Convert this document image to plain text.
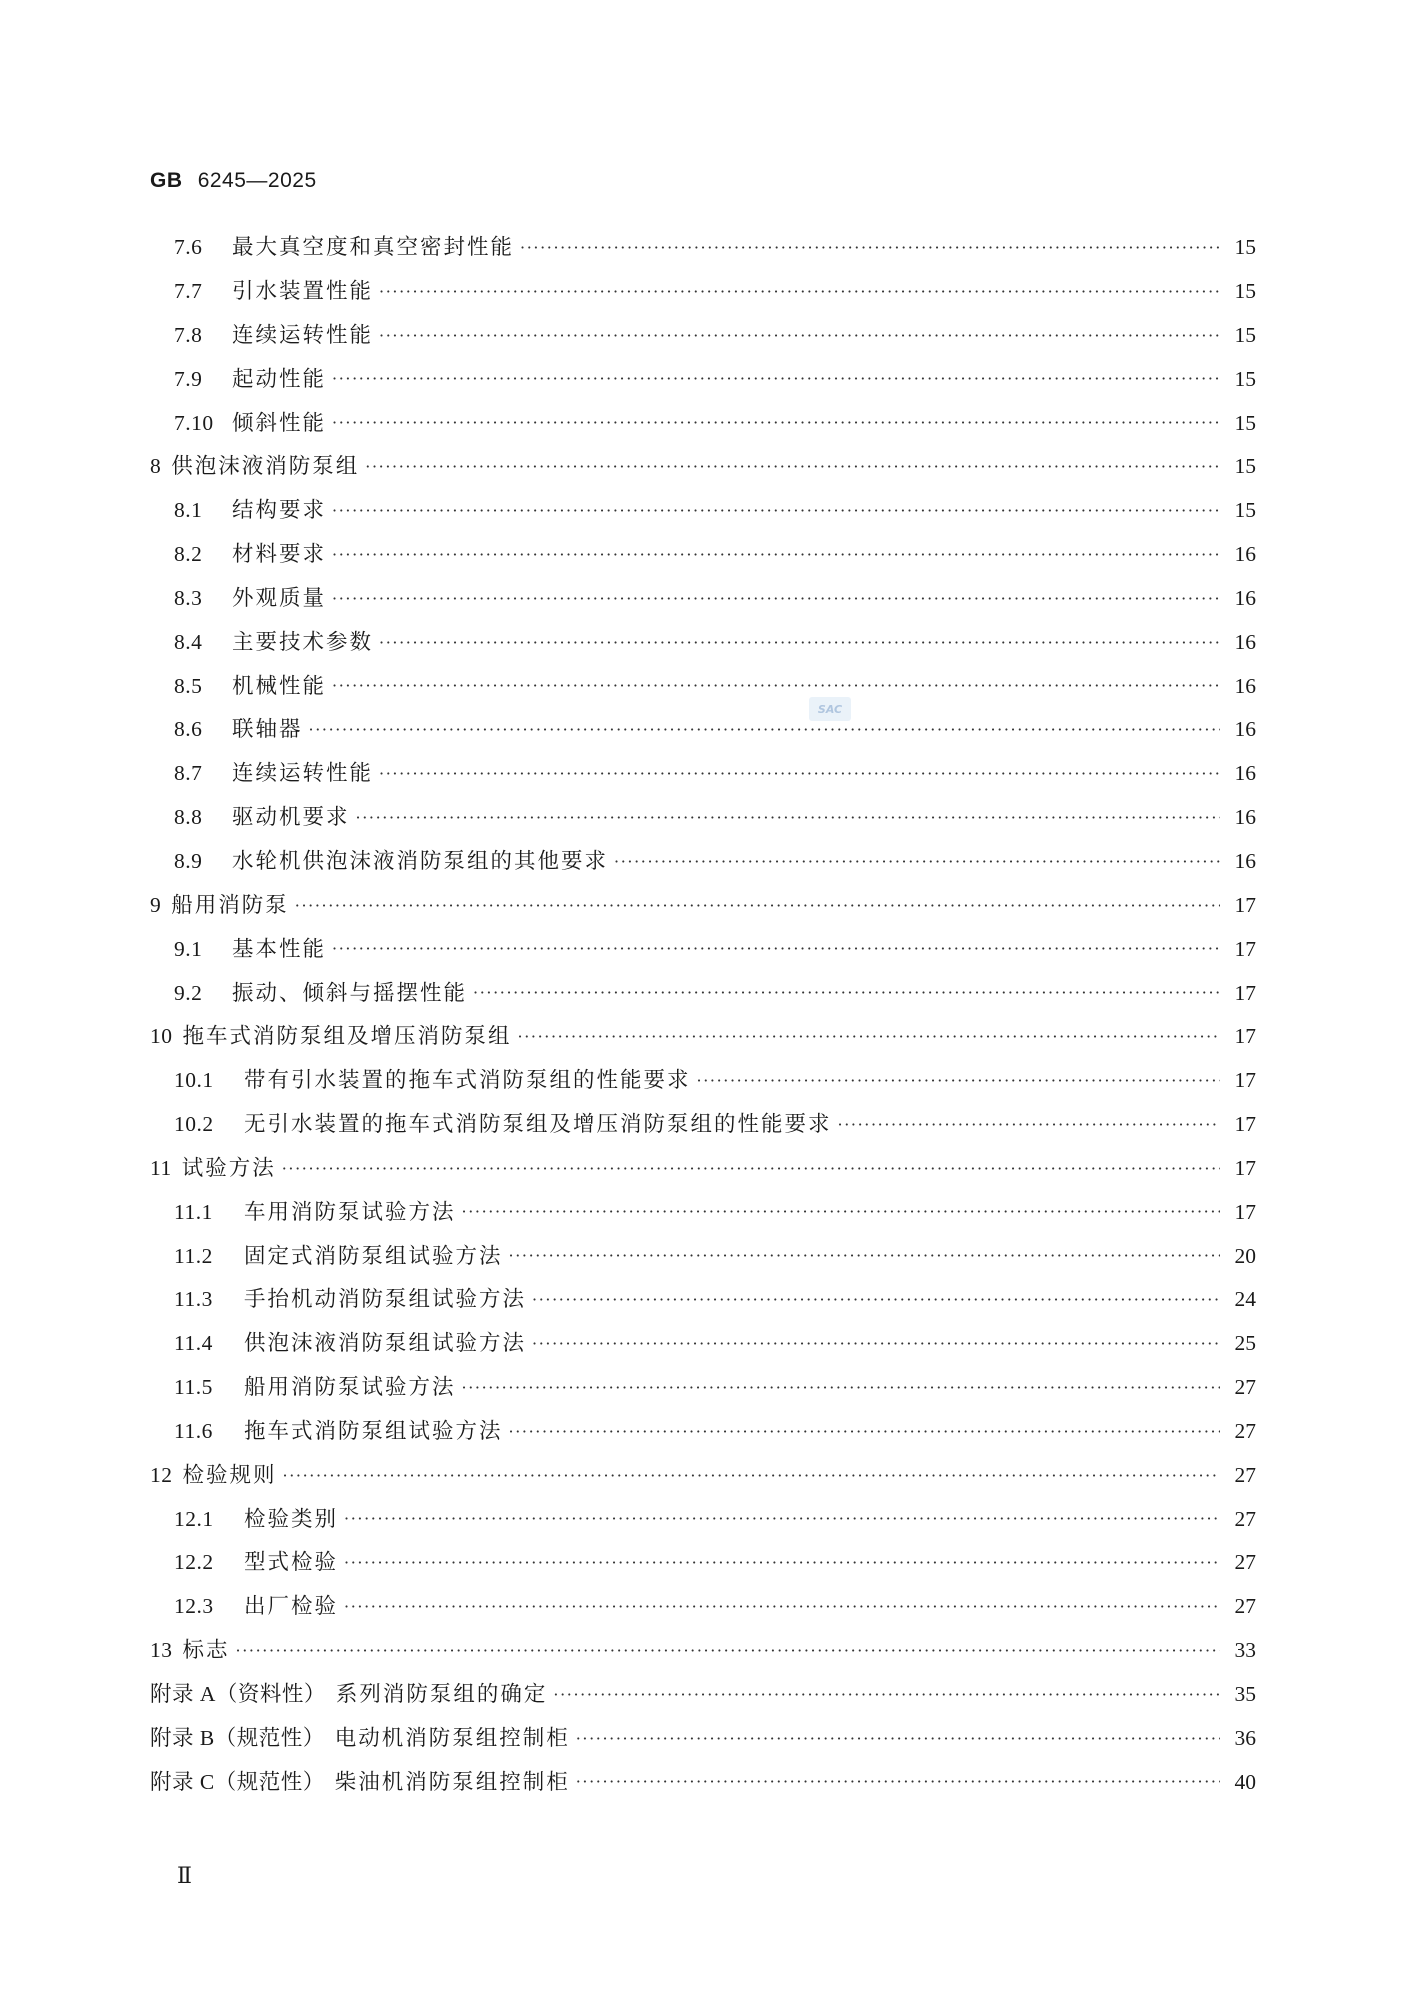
GB 6245—2025
7.6	最大真空度和真空密封性能 ·····	15
7.7	引水装置性能 ·····	15
7.8	连续运转性能 ·····	15
7.9	起动性能 ·····	15
7.10 倾斜性能 ·····	15
8 供泡沫液消防泵组 ·····	15
8.1	结构要求 ·····	15
8.2	材料要求 ·····	16
8.3	外观质量 ·····	16
8.4	主要技术参数 ·····	16
8.5	机械性能 ·····	16
8.6	联轴器 ·····	16
8.7	连续运转性能 ·····	16
8.8	驱动机要求 ·····	16
8.9	水轮机供泡沫液消防泵组的其他要求 ·····	16
9 船用消防泵 ·····	17
9.1	基本性能 ·····	17
9.2	振动、倾斜与摇摆性能 ·····	17
10 拖车式消防泵组及增压消防泵组 ·····	17
10.1	带有引水装置的拖车式消防泵组的性能要求 ·····	17
10.2	无引水装置的拖车式消防泵组及增压消防泵组的性能要求 ·····	17
11 试验方法 ·····	17
11.1	车用消防泵试验方法 ·····	17
11.2	固定式消防泵组试验方法 ·····	20
11.3	手抬机动消防泵组试验方法 ·····	24
11.4	供泡沫液消防泵组试验方法 ·····	25
11.5	船用消防泵试验方法 ·····	27
11.6	拖车式消防泵组试验方法 ·····	27
12 检验规则 ·····	27
12.1	检验类别 ·····	27
12.2	型式检验 ·····	27
12.3	出厂检验 ·····	27
13 标志 ·····	33
附录 A（资料性） 系列消防泵组的确定 ·····	35
附录 B（规范性） 电动机消防泵组控制柜 ·····	36
附录 C（规范性） 柴油机消防泵组控制柜 ·····	40
SAC
Ⅱ
